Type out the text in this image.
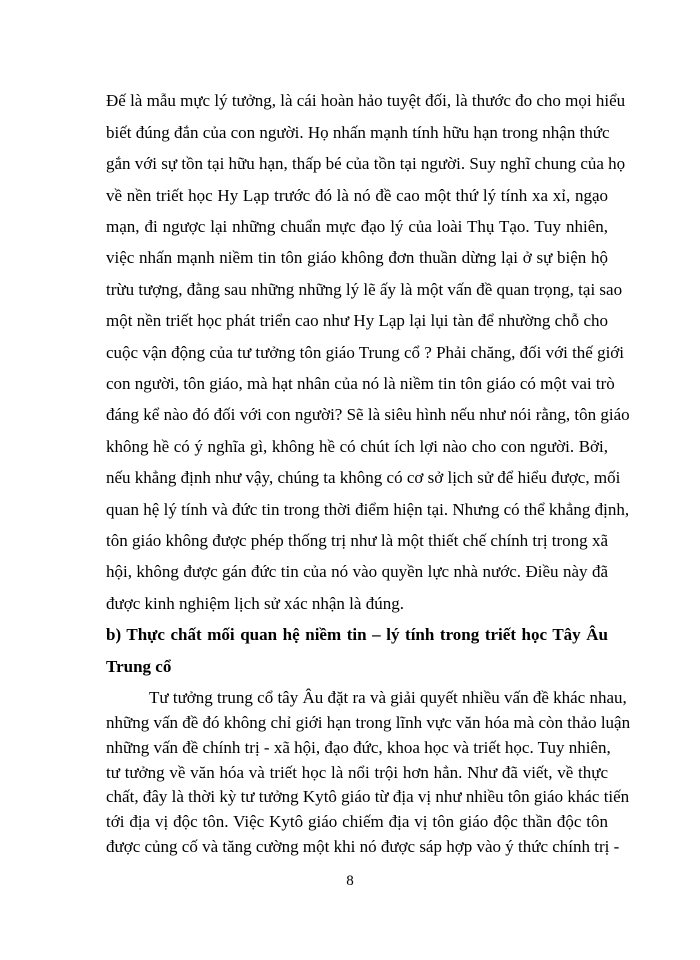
Đế là mẫu mực lý tưởng, là cái hoàn hảo tuyệt đối, là thước đo cho mọi hiểu
biết đúng đắn của con người. Họ nhấn mạnh tính hữu hạn trong nhận thức
gắn với sự tồn tại hữu hạn, thấp bé của tồn tại người. Suy nghĩ chung của họ
về nền triết học Hy Lạp trước đó là nó đề cao một thứ lý tính xa xỉ, ngạo
mạn, đi ngược lại những chuẩn mực đạo lý của loài Thụ Tạo. Tuy nhiên,
việc nhấn mạnh niềm tin tôn giáo không đơn thuần dừng lại ở sự biện hộ
trừu tượng, đằng sau những những lý lẽ ấy là một vấn đề quan trọng, tại sao
một nền triết học phát triển cao như Hy Lạp lại lụi tàn để nhường chỗ cho
cuộc vận động của tư tưởng tôn giáo Trung cổ ? Phải chăng, đối với thế giới
con người, tôn giáo, mà hạt nhân của nó là niềm tin tôn giáo có một vai trò
đáng kể nào đó đối với con người? Sẽ là siêu hình nếu như nói rằng, tôn giáo
không hề có ý nghĩa gì, không hề có chút ích lợi nào cho con người. Bởi,
nếu khẳng định như vậy, chúng ta không có cơ sở lịch sử để hiểu được, mối
quan hệ lý tính và đức tin trong thời điểm hiện tại. Nhưng có thể khẳng định,
tôn giáo không được phép thống trị như là một thiết chế chính trị trong xã
hội, không được gán đức tin của nó vào quyền lực nhà nước. Điều này đã
được kinh nghiệm lịch sử xác nhận là đúng.
b) Thực chất mối quan hệ niềm tin – lý tính trong triết học Tây Âu
Trung cổ
Tư tưởng trung cổ tây Âu đặt ra và giải quyết nhiều vấn đề khác nhau,
những vấn đề đó không chỉ giới hạn trong lĩnh vực văn hóa mà còn thảo luận
những vấn đề chính trị - xã hội, đạo đức, khoa học và triết học. Tuy nhiên,
tư tưởng về văn hóa và triết học là nổi trội hơn hẳn. Như đã viết, về thực
chất, đây là thời kỳ tư tưởng Kytô giáo từ địa vị như nhiều tôn giáo khác tiến
tới địa vị độc tôn. Việc Kytô giáo chiếm địa vị tôn giáo độc thần độc tôn
8
được củng cố và tăng cường một khi nó được sáp hợp vào ý thức chính trị -
